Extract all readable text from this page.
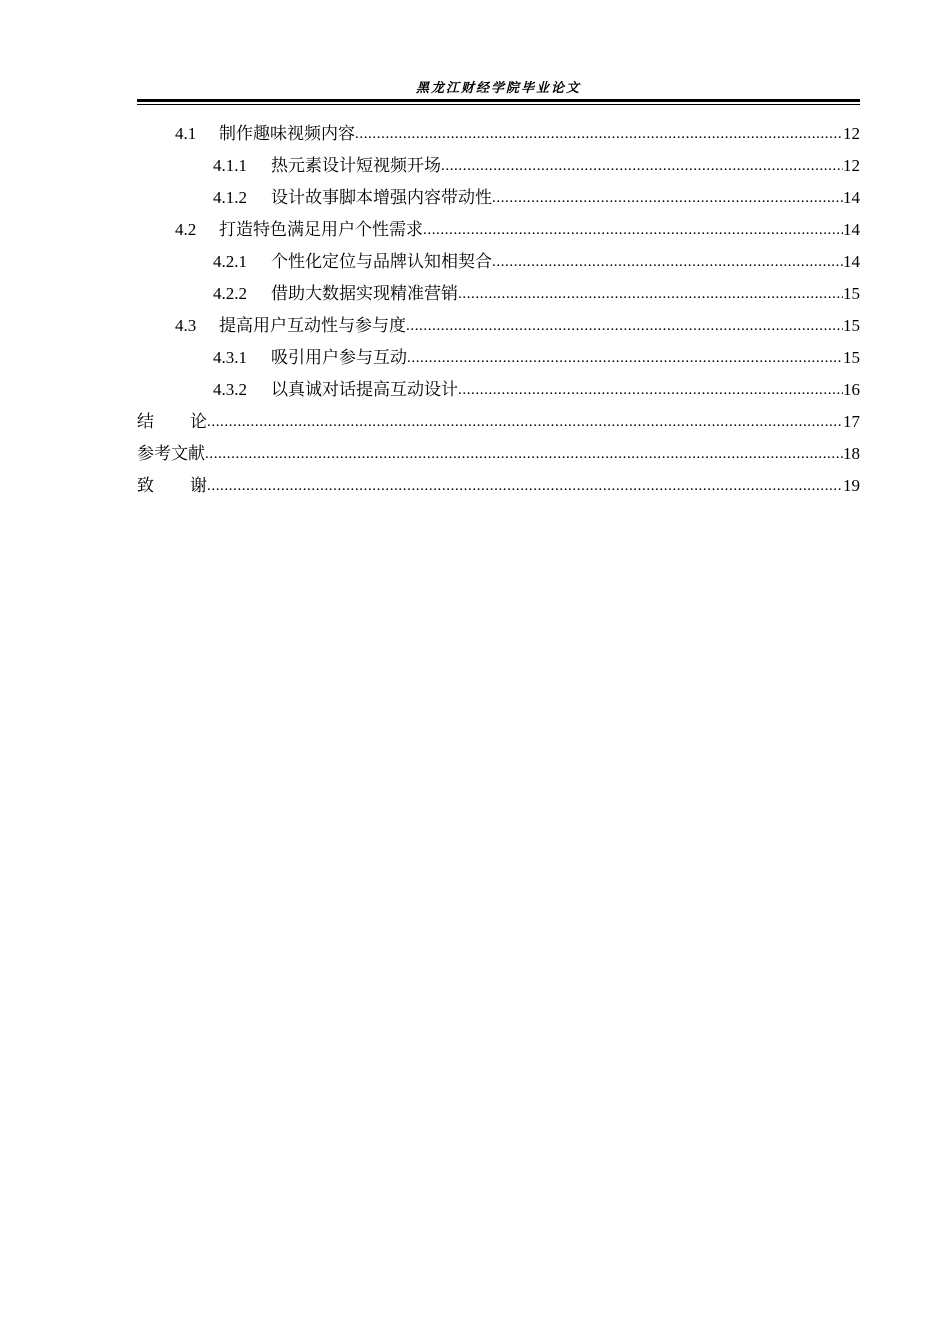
黑龙江财经学院毕业论文
4.1	制作趣味视频内容 .....	12
4.1.1	热元素设计短视频开场 .....	12
4.1.2	设计故事脚本增强内容带动性 .....	14
4.2	打造特色满足用户个性需求 .....	14
4.2.1	个性化定位与品牌认知相契合 .....	14
4.2.2	借助大数据实现精准营销 .....	15
4.3	提高用户互动性与参与度 .....	15
4.3.1	吸引用户参与互动 .....	15
4.3.2	以真诚对话提高互动设计 .....	16
结 论 .....	17
参考文献 .....	18
致 谢 .....	19
